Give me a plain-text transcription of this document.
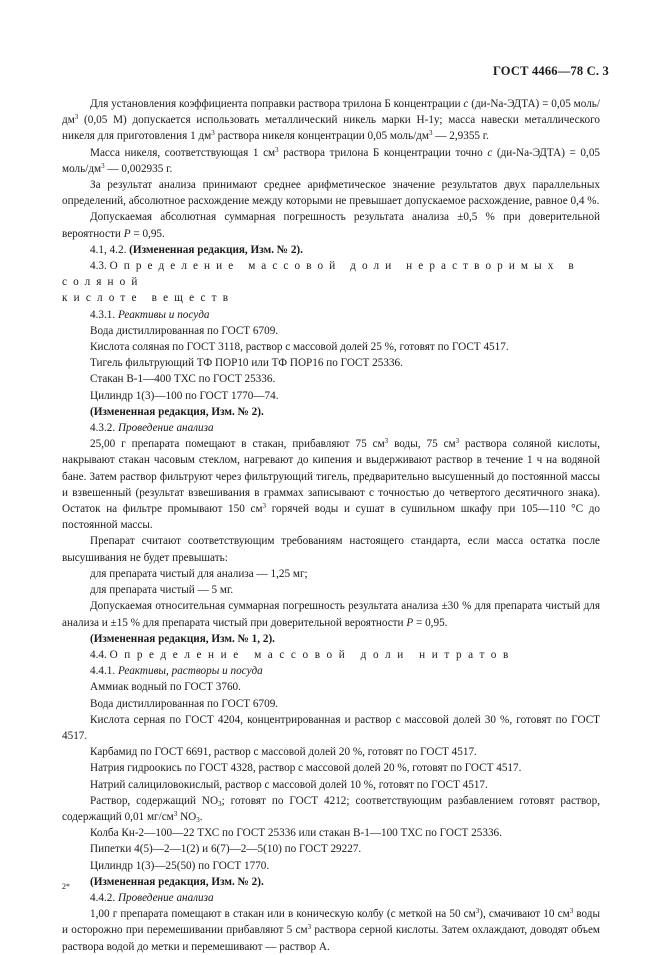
ГОСТ 4466—78 С. 3

Для установления коэффициента поправки раствора трилона Б концентрации c (ди-Na-ЭДТА) = 0,05 моль/$дм^3$ (0,05 М) допускается использовать металлический никель марки Н-1у; масса навески металлического никеля для приготовления 1 $дм^3$ раствора никеля концентрации 0,05 моль/$дм^3$ — 2,9355 г.

Масса никеля, соответствующая 1 $см^3$ раствора трилона Б концентрации точно c (ди-Na-ЭДТА) = 0,05 моль/$дм^3$ — 0,002935 г.

За результат анализа принимают среднее арифметическое значение результатов двух параллельных определений, абсолютное расхождение между которыми не превышает допускаемое расхождение, равное 0,4 %.

Допускаемая абсолютная суммарная погрешность результата анализа ±0,5 % при доверительной вероятности P = 0,95.

4.1, 4.2. (Измененная редакция, Изм. № 2).

4.3. Определение массовой доли нерастворимых в соляной
кислоте веществ

4.3.1. Реактивы и посуда

Вода дистиллированная по ГОСТ 6709.

Кислота соляная по ГОСТ 3118, раствор с массовой долей 25 %, готовят по ГОСТ 4517.

Тигель фильтрующий ТФ ПОР10 или ТФ ПОР16 по ГОСТ 25336.

Стакан В-1—400 ТХС по ГОСТ 25336.

Цилиндр 1(3)—100 по ГОСТ 1770—74.

(Измененная редакция, Изм. № 2).

4.3.2. Проведение анализа

25,00 г препарата помещают в стакан, прибавляют 75 $см^3$ воды, 75 $см^3$ раствора соляной кислоты, накрывают стакан часовым стеклом, нагревают до кипения и выдерживают раствор в течение 1 ч на водяной бане. Затем раствор фильтруют через фильтрующий тигель, предварительно высушенный до постоянной массы и взвешенный (результат взвешивания в граммах записывают с точностью до четвертого десятичного знака). Остаток на фильтре промывают 150 $см^3$ горячей воды и сушат в сушильном шкафу при 105—110 °С до постоянной массы.

Препарат считают соответствующим требованиям настоящего стандарта, если масса остатка после высушивания не будет превышать:

для препарата чистый для анализа — 1,25 мг;

для препарата чистый — 5 мг.

Допускаемая относительная суммарная погрешность результата анализа ±30 % для препарата чистый для анализа и ±15 % для препарата чистый при доверительной вероятности P = 0,95.

(Измененная редакция, Изм. № 1, 2).

4.4. Определение массовой доли нитратов

4.4.1. Реактивы, растворы и посуда

Аммиак водный по ГОСТ 3760.

Вода дистиллированная по ГОСТ 6709.

Кислота серная по ГОСТ 4204, концентрированная и раствор с массовой долей 30 %, готовят по ГОСТ 4517.

Карбамид по ГОСТ 6691, раствор с массовой долей 20 %, готовят по ГОСТ 4517.

Натрия гидроокись по ГОСТ 4328, раствор с массовой долей 20 %, готовят по ГОСТ 4517.

Натрий салициловокислый, раствор с массовой долей 10 %, готовят по ГОСТ 4517.

Раствор, содержащий $NO_3$; готовят по ГОСТ 4212; соответствующим разбавлением готовят раствор, содержащий 0,01 $мг/см^3$ $NO_3$.

Колба Кн-2—100—22 ТХС по ГОСТ 25336 или стакан В-1—100 ТХС по ГОСТ 25336.

Пипетки 4(5)—2—1(2) и 6(7)—2—5(10) по ГОСТ 29227.

Цилиндр 1(3)—25(50) по ГОСТ 1770.

(Измененная редакция, Изм. № 2).

4.4.2. Проведение анализа

1,00 г препарата помещают в стакан или в коническую колбу (с меткой на 50 $см^3$), смачивают 10 $см^3$ воды и осторожно при перемешивании прибавляют 5 $см^3$ раствора серной кислоты. Затем охлаждают, доводят объем раствора водой до метки и перемешивают — раствор А.

2*
